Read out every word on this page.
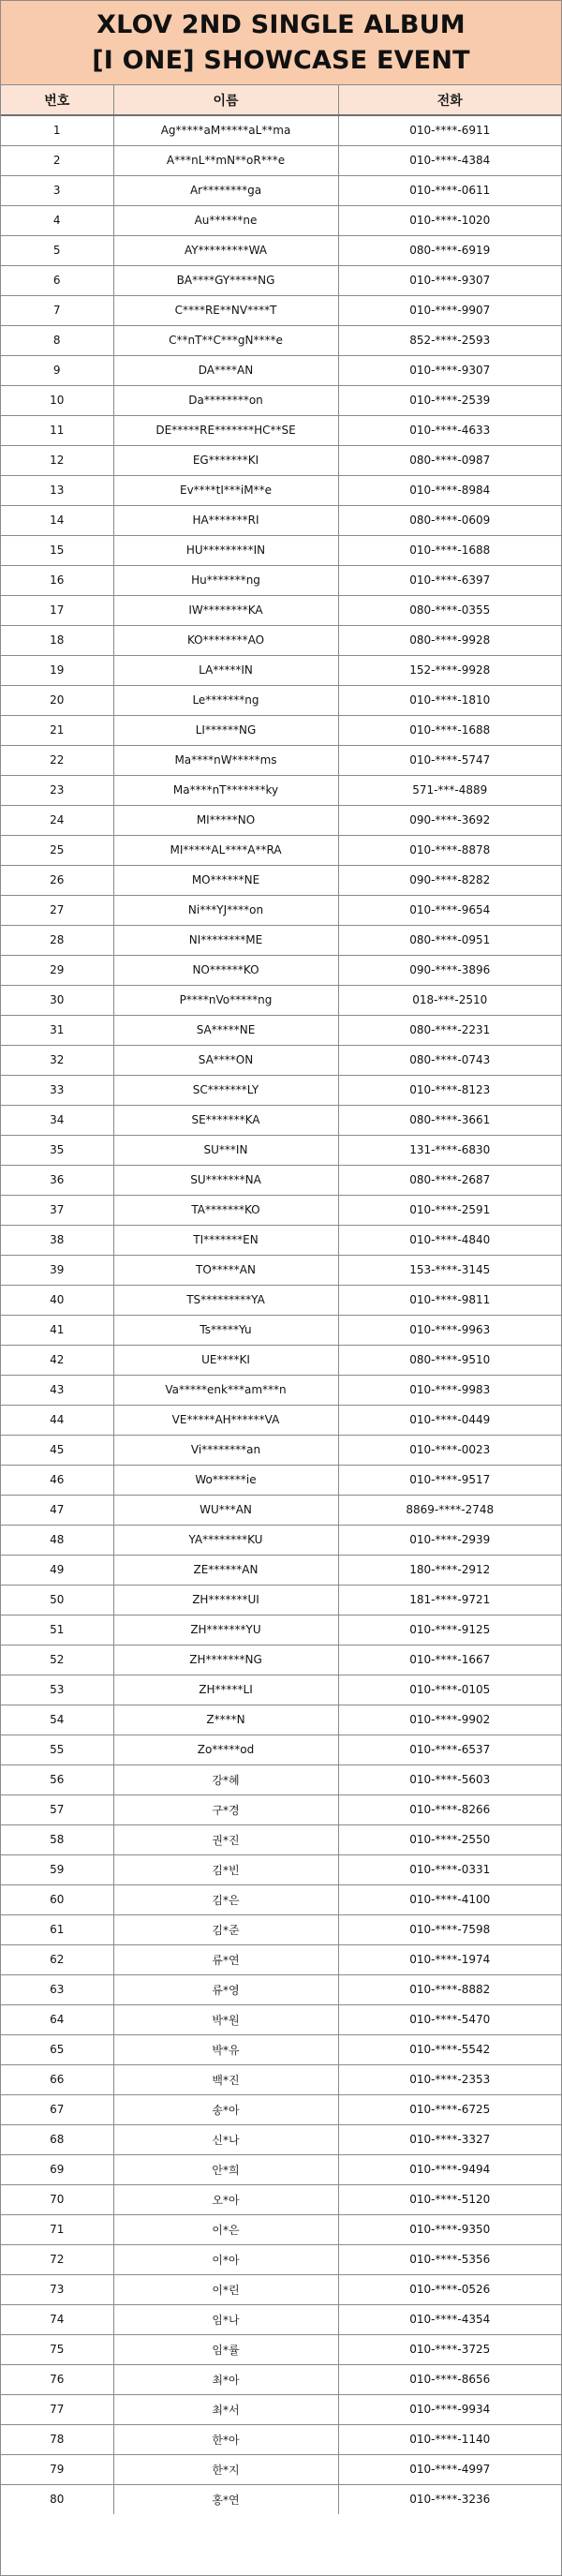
XLOV 2ND SINGLE ALBUM
[I ONE] SHOWCASE EVENT
번호	이름	전화
1	Ag*****aM*****aL**ma	010-****-6911
2	A***nL**mN**oR***e	010-****-4384
3	Ar********ga	010-****-0611
4	Au******ne	010-****-1020
5	AY*********WA	080-****-6919
6	BA****GY*****NG	010-****-9307
7	C****RE**NV****T	010-****-9907
8	C**nT**C***gN****e	852-****-2593
9	DA****AN	010-****-9307
10	Da********on	010-****-2539
11	DE*****RE*******HC**SE	010-****-4633
12	EG*******KI	080-****-0987
13	Ev****tI***iM**e	010-****-8984
14	HA*******RI	080-****-0609
15	HU*********IN	010-****-1688
16	Hu*******ng	010-****-6397
17	IW********KA	080-****-0355
18	KO********AO	080-****-9928
19	LA*****IN	152-****-9928
20	Le*******ng	010-****-1810
21	LI******NG	010-****-1688
22	Ma****nW*****ms	010-****-5747
23	Ma****nT*******ky	571-***-4889
24	MI*****NO	090-****-3692
25	MI*****AL****A**RA	010-****-8878
26	MO******NE	090-****-8282
27	Ni***YJ****on	010-****-9654
28	NI********ME	080-****-0951
29	NO******KO	090-****-3896
30	P****nVo*****ng	018-***-2510
31	SA*****NE	080-****-2231
32	SA****ON	080-****-0743
33	SC*******LY	010-****-8123
34	SE*******KA	080-****-3661
35	SU***IN	131-****-6830
36	SU*******NA	080-****-2687
37	TA*******KO	010-****-2591
38	TI*******EN	010-****-4840
39	TO*****AN	153-****-3145
40	TS*********YA	010-****-9811
41	Ts*****Yu	010-****-9963
42	UE****KI	080-****-9510
43	Va*****enk***am***n	010-****-9983
44	VE*****AH******VA	010-****-0449
45	Vi********an	010-****-0023
46	Wo******ie	010-****-9517
47	WU***AN	8869-****-2748
48	YA********KU	010-****-2939
49	ZE******AN	180-****-2912
50	ZH*******UI	181-****-9721
51	ZH*******YU	010-****-9125
52	ZH*******NG	010-****-1667
53	ZH*****LI	010-****-0105
54	Z****N	010-****-9902
55	Zo*****od	010-****-6537
56	강*혜	010-****-5603
57	구*경	010-****-8266
58	권*진	010-****-2550
59	김*빈	010-****-0331
60	김*은	010-****-4100
61	김*준	010-****-7598
62	류*연	010-****-1974
63	류*영	010-****-8882
64	박*원	010-****-5470
65	박*유	010-****-5542
66	백*진	010-****-2353
67	송*아	010-****-6725
68	신*나	010-****-3327
69	안*희	010-****-9494
70	오*아	010-****-5120
71	이*은	010-****-9350
72	이*아	010-****-5356
73	이*린	010-****-0526
74	임*나	010-****-4354
75	임*률	010-****-3725
76	최*아	010-****-8656
77	최*서	010-****-9934
78	한*아	010-****-1140
79	한*지	010-****-4997
80	홍*연	010-****-3236
